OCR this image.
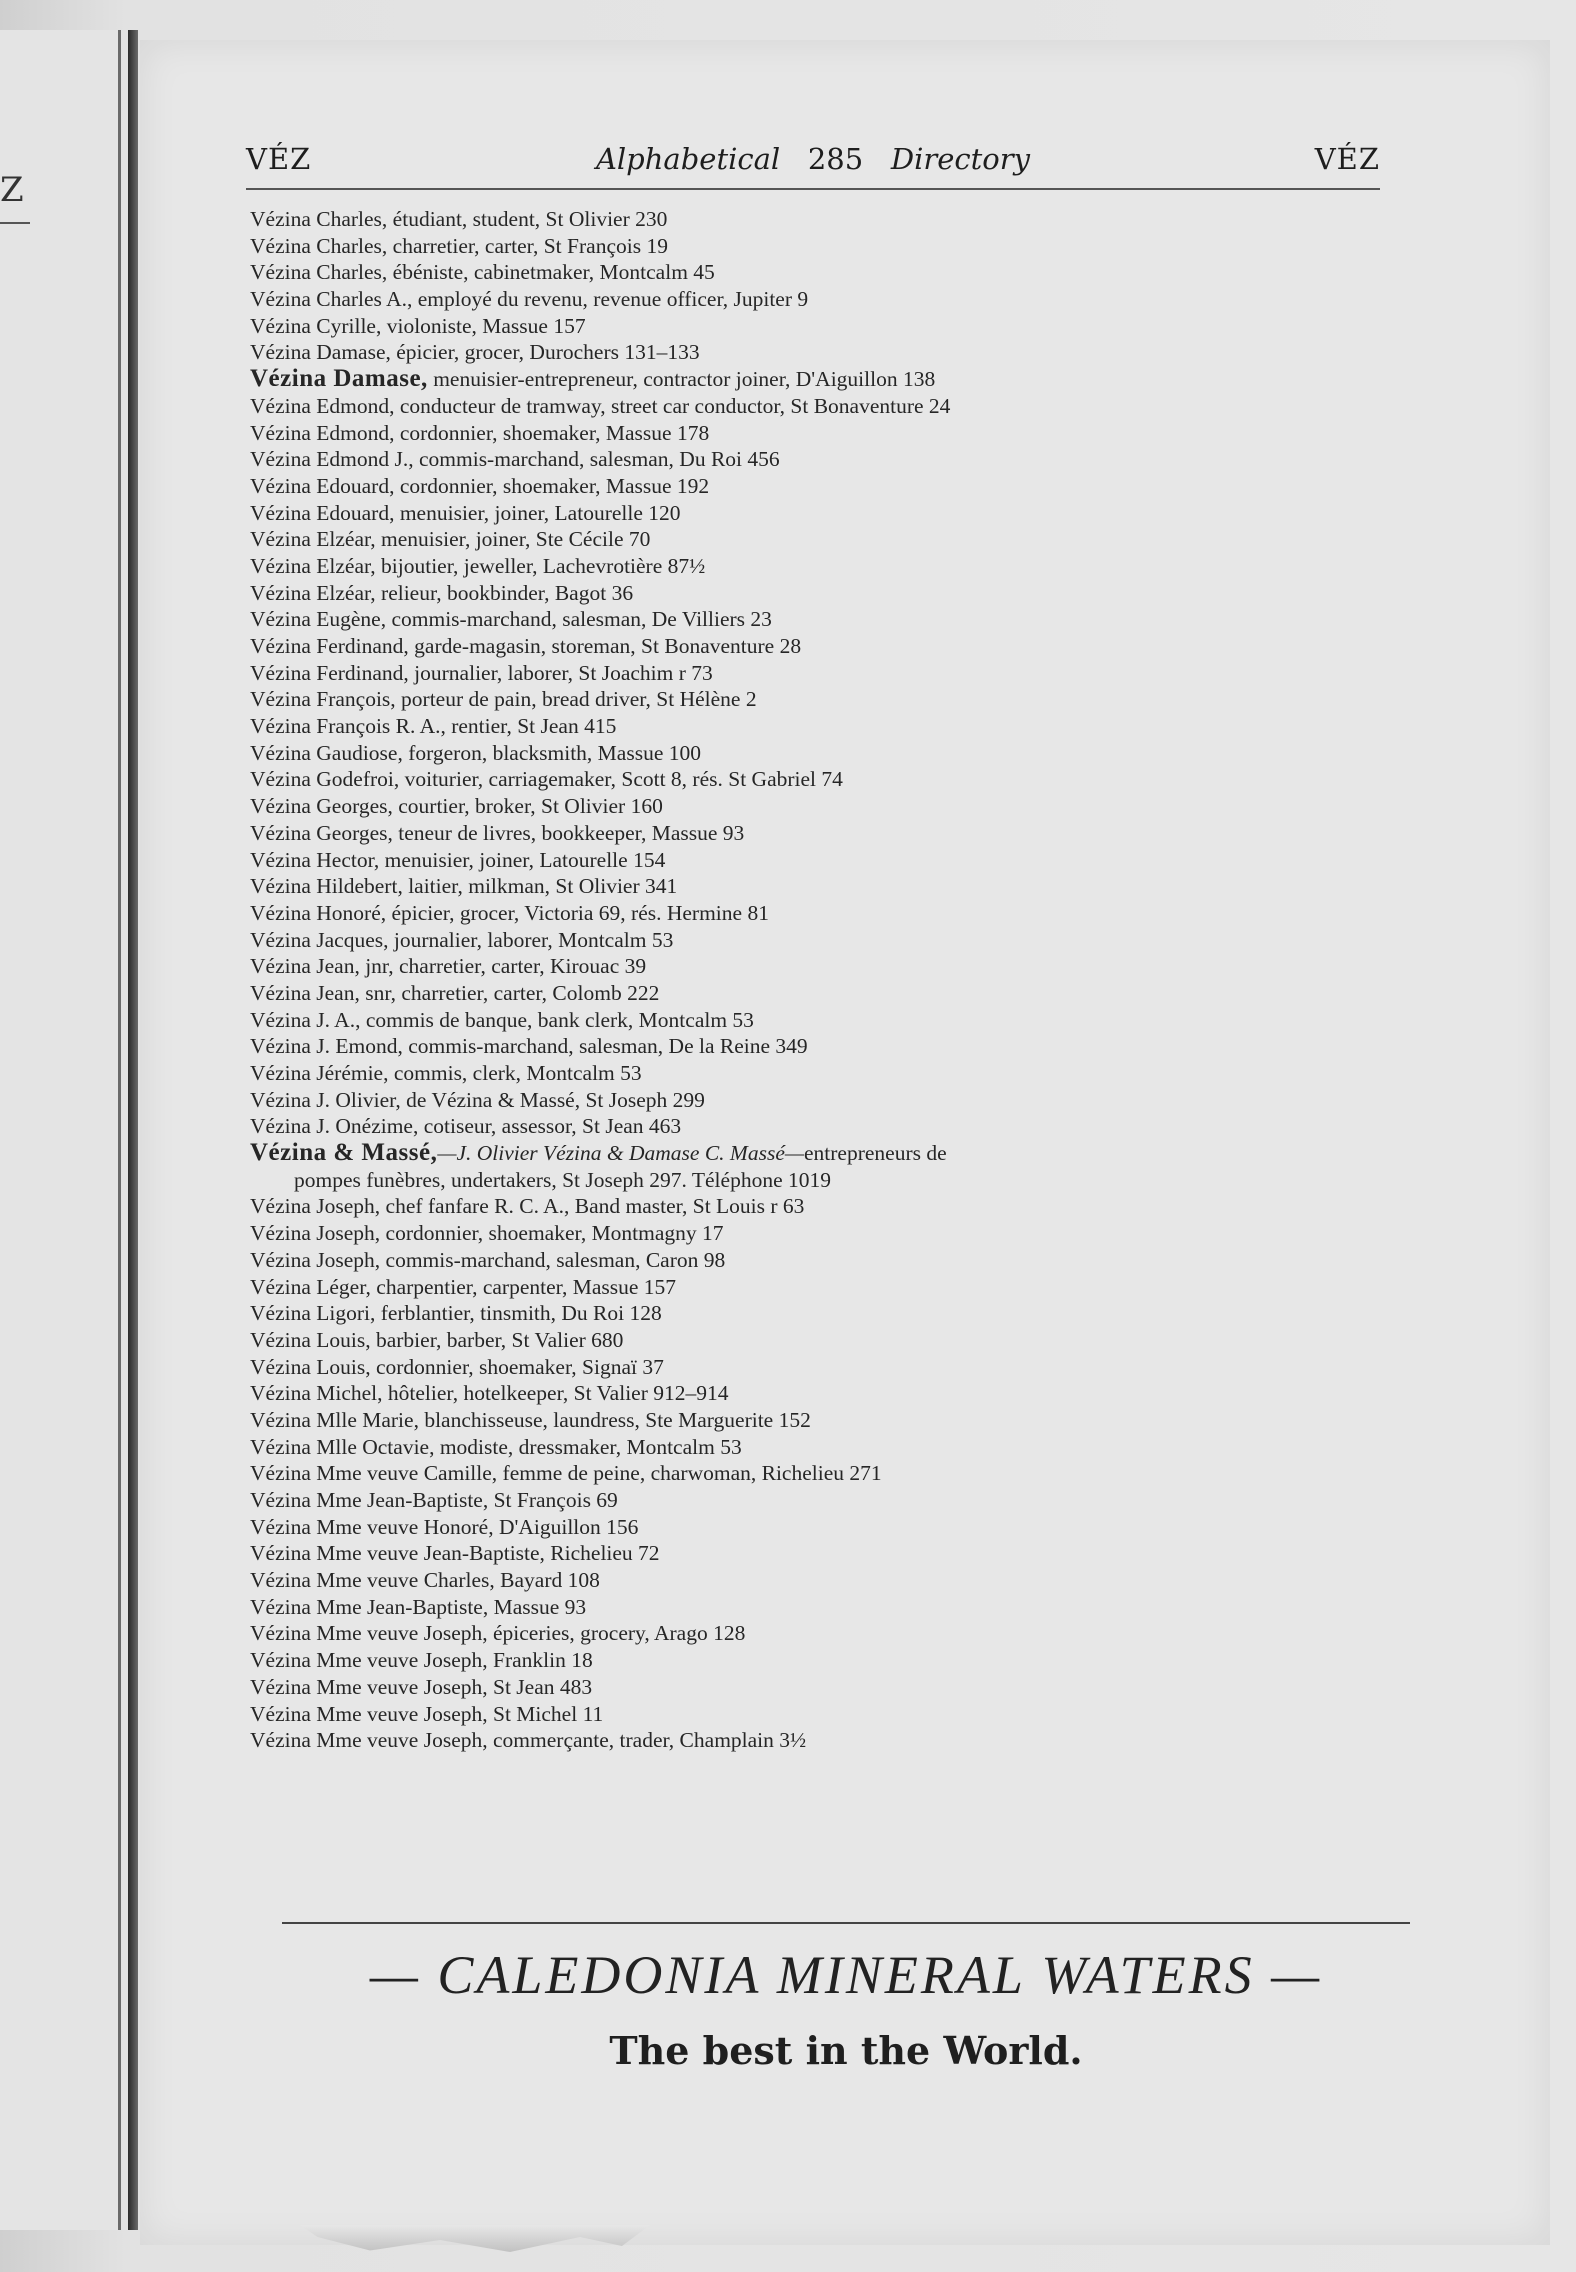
Z
VÉZ	Alphabetical 285 Directory	VÉZ
Vézina Charles, étudiant, student, St Olivier 230
Vézina Charles, charretier, carter, St François 19
Vézina Charles, ébéniste, cabinetmaker, Montcalm 45
Vézina Charles A., employé du revenu, revenue officer, Jupiter 9
Vézina Cyrille, violoniste, Massue 157
Vézina Damase, épicier, grocer, Durochers 131–133
Vézina Damase, menuisier-entrepreneur, contractor joiner, D'Aiguillon 138
Vézina Edmond, conducteur de tramway, street car conductor, St Bonaventure 24
Vézina Edmond, cordonnier, shoemaker, Massue 178
Vézina Edmond J., commis-marchand, salesman, Du Roi 456
Vézina Edouard, cordonnier, shoemaker, Massue 192
Vézina Edouard, menuisier, joiner, Latourelle 120
Vézina Elzéar, menuisier, joiner, Ste Cécile 70
Vézina Elzéar, bijoutier, jeweller, Lachevrotière 87½
Vézina Elzéar, relieur, bookbinder, Bagot 36
Vézina Eugène, commis-marchand, salesman, De Villiers 23
Vézina Ferdinand, garde-magasin, storeman, St Bonaventure 28
Vézina Ferdinand, journalier, laborer, St Joachim r 73
Vézina François, porteur de pain, bread driver, St Hélène 2
Vézina François R. A., rentier, St Jean 415
Vézina Gaudiose, forgeron, blacksmith, Massue 100
Vézina Godefroi, voiturier, carriagemaker, Scott 8, rés. St Gabriel 74
Vézina Georges, courtier, broker, St Olivier 160
Vézina Georges, teneur de livres, bookkeeper, Massue 93
Vézina Hector, menuisier, joiner, Latourelle 154
Vézina Hildebert, laitier, milkman, St Olivier 341
Vézina Honoré, épicier, grocer, Victoria 69, rés. Hermine 81
Vézina Jacques, journalier, laborer, Montcalm 53
Vézina Jean, jnr, charretier, carter, Kirouac 39
Vézina Jean, snr, charretier, carter, Colomb 222
Vézina J. A., commis de banque, bank clerk, Montcalm 53
Vézina J. Emond, commis-marchand, salesman, De la Reine 349
Vézina Jérémie, commis, clerk, Montcalm 53
Vézina J. Olivier, de Vézina & Massé, St Joseph 299
Vézina J. Onézime, cotiseur, assessor, St Jean 463
Vézina & Massé,—J. Olivier Vézina & Damase C. Massé—entrepreneurs de
pompes funèbres, undertakers, St Joseph 297. Téléphone 1019
Vézina Joseph, chef fanfare R. C. A., Band master, St Louis r 63
Vézina Joseph, cordonnier, shoemaker, Montmagny 17
Vézina Joseph, commis-marchand, salesman, Caron 98
Vézina Léger, charpentier, carpenter, Massue 157
Vézina Ligori, ferblantier, tinsmith, Du Roi 128
Vézina Louis, barbier, barber, St Valier 680
Vézina Louis, cordonnier, shoemaker, Signaï 37
Vézina Michel, hôtelier, hotelkeeper, St Valier 912–914
Vézina Mlle Marie, blanchisseuse, laundress, Ste Marguerite 152
Vézina Mlle Octavie, modiste, dressmaker, Montcalm 53
Vézina Mme veuve Camille, femme de peine, charwoman, Richelieu 271
Vézina Mme Jean-Baptiste, St François 69
Vézina Mme veuve Honoré, D'Aiguillon 156
Vézina Mme veuve Jean-Baptiste, Richelieu 72
Vézina Mme veuve Charles, Bayard 108
Vézina Mme Jean-Baptiste, Massue 93
Vézina Mme veuve Joseph, épiceries, grocery, Arago 128
Vézina Mme veuve Joseph, Franklin 18
Vézina Mme veuve Joseph, St Jean 483
Vézina Mme veuve Joseph, St Michel 11
Vézina Mme veuve Joseph, commerçante, trader, Champlain 3½
— CALEDONIA MINERAL WATERS —
The best in the World.
